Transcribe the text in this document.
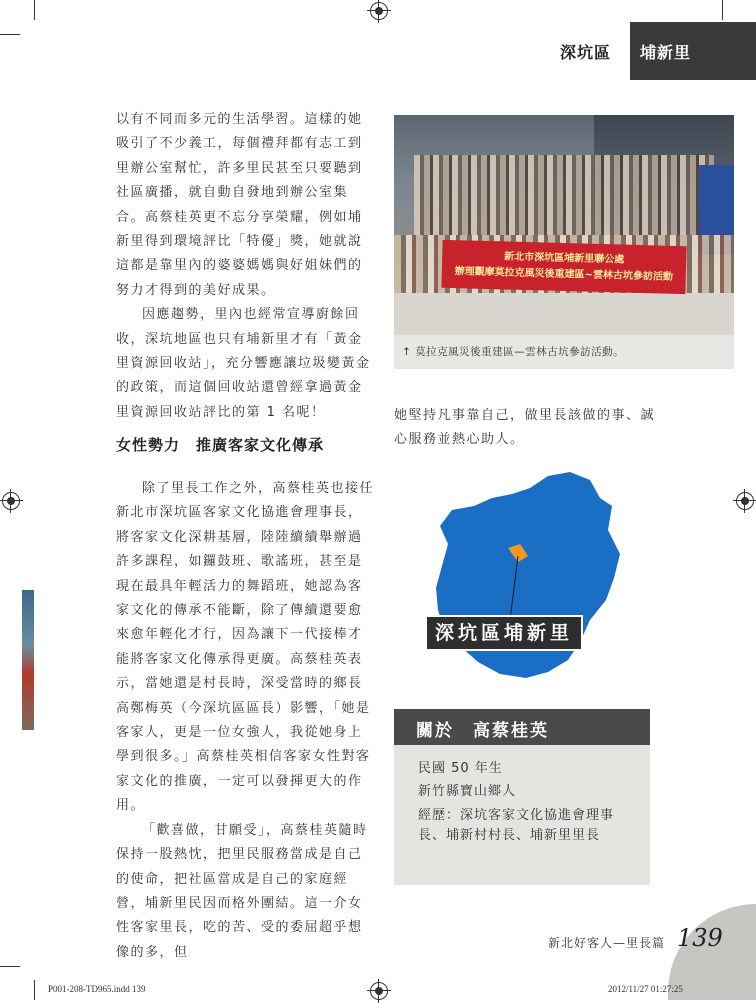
深坑區 埔新里

以有不同而多元的生活學習。這樣的她吸引了不少義工，每個禮拜都有志工到里辦公室幫忙，許多里民甚至只要聽到社區廣播，就自動自發地到辦公室集合。高蔡桂英更不忘分享榮耀，例如埔新里得到環境評比「特優」獎，她就說這都是靠里內的婆婆媽媽與好姐妹們的努力才得到的美好成果。

因應趨勢，里內也經常宣導廚餘回收，深坑地區也只有埔新里才有「黃金里資源回收站」，充分響應讓垃圾變黃金的政策，而這個回收站還曾經拿過黃金里資源回收站評比的第 1 名呢！

女性勢力　推廣客家文化傳承

除了里長工作之外，高蔡桂英也接任新北市深坑區客家文化協進會理事長，將客家文化深耕基層，陸陸續續舉辦過許多課程，如鑼鼓班、歌謠班，甚至是現在最具年輕活力的舞蹈班，她認為客家文化的傳承不能斷，除了傳續還要愈來愈年輕化才行，因為讓下一代接棒才能將客家文化傳承得更廣。高蔡桂英表示，當她還是村長時，深受當時的鄉長高鄭梅英（今深坑區區長）影響，「她是客家人，更是一位女強人，我從她身上學到很多。」高蔡桂英相信客家女性對客家文化的推廣，一定可以發揮更大的作用。

「歡喜做，甘願受」，高蔡桂英隨時保持一股熱忱，把里民服務當成是自己的使命，把社區當成是自己的家庭經營，埔新里民因而格外團結。這一介女性客家里長，吃的苦、受的委屈超乎想像的多，但

新北市深坑區埔新里聯公處
辦理觀摩莫拉克風災後重建區~雲林古坑參訪活動
↑ 莫拉克風災後重建區—雲林古坑參訪活動。
她堅持凡事靠自己，做里長該做的事、誠心服務並熱心助人。
深坑區埔新里
關於　高蔡桂英
民國 50 年生
新竹縣寶山鄉人
經歷：深坑客家文化協進會理事
長、埔新村村長、埔新里里長
新北好客人—里長篇 139
P001-208-TD965.indd 139	2012/11/27 01:27:25
